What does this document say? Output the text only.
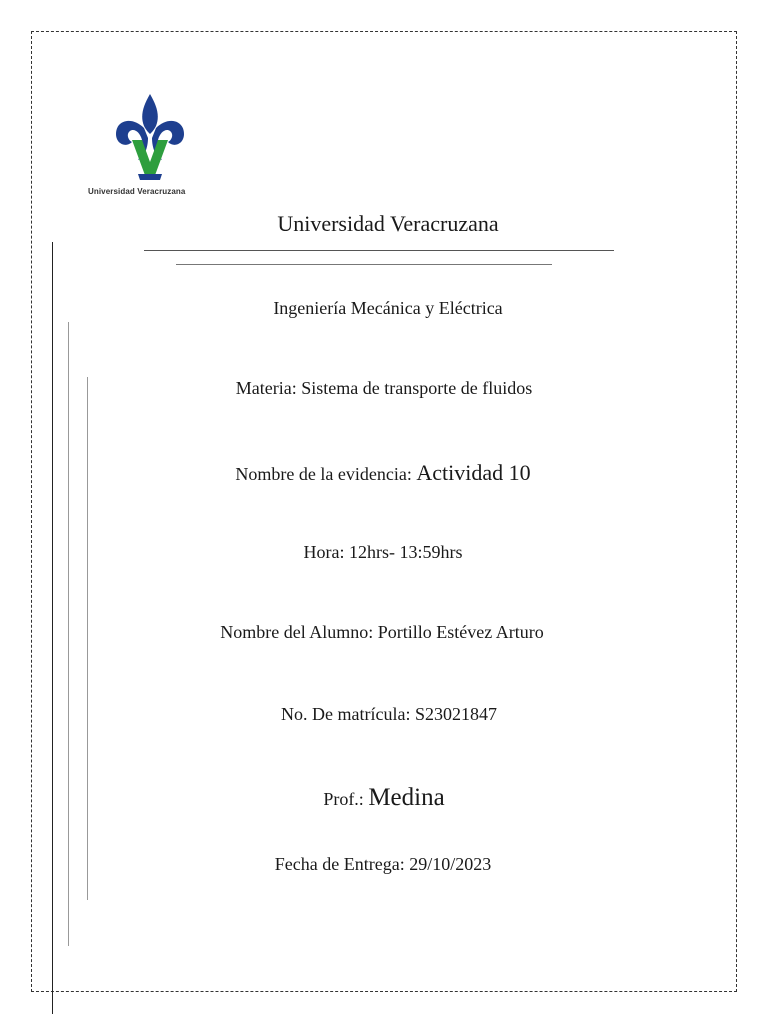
Universidad Veracruzana
Universidad Veracruzana
Ingeniería Mecánica y Eléctrica
Materia: Sistema de transporte de fluidos
Nombre de la evidencia: Actividad 10
Hora: 12hrs- 13:59hrs
Nombre del Alumno: Portillo Estévez Arturo
No. De matrícula: S23021847
Prof.: Medina
Fecha de Entrega: 29/10/2023
